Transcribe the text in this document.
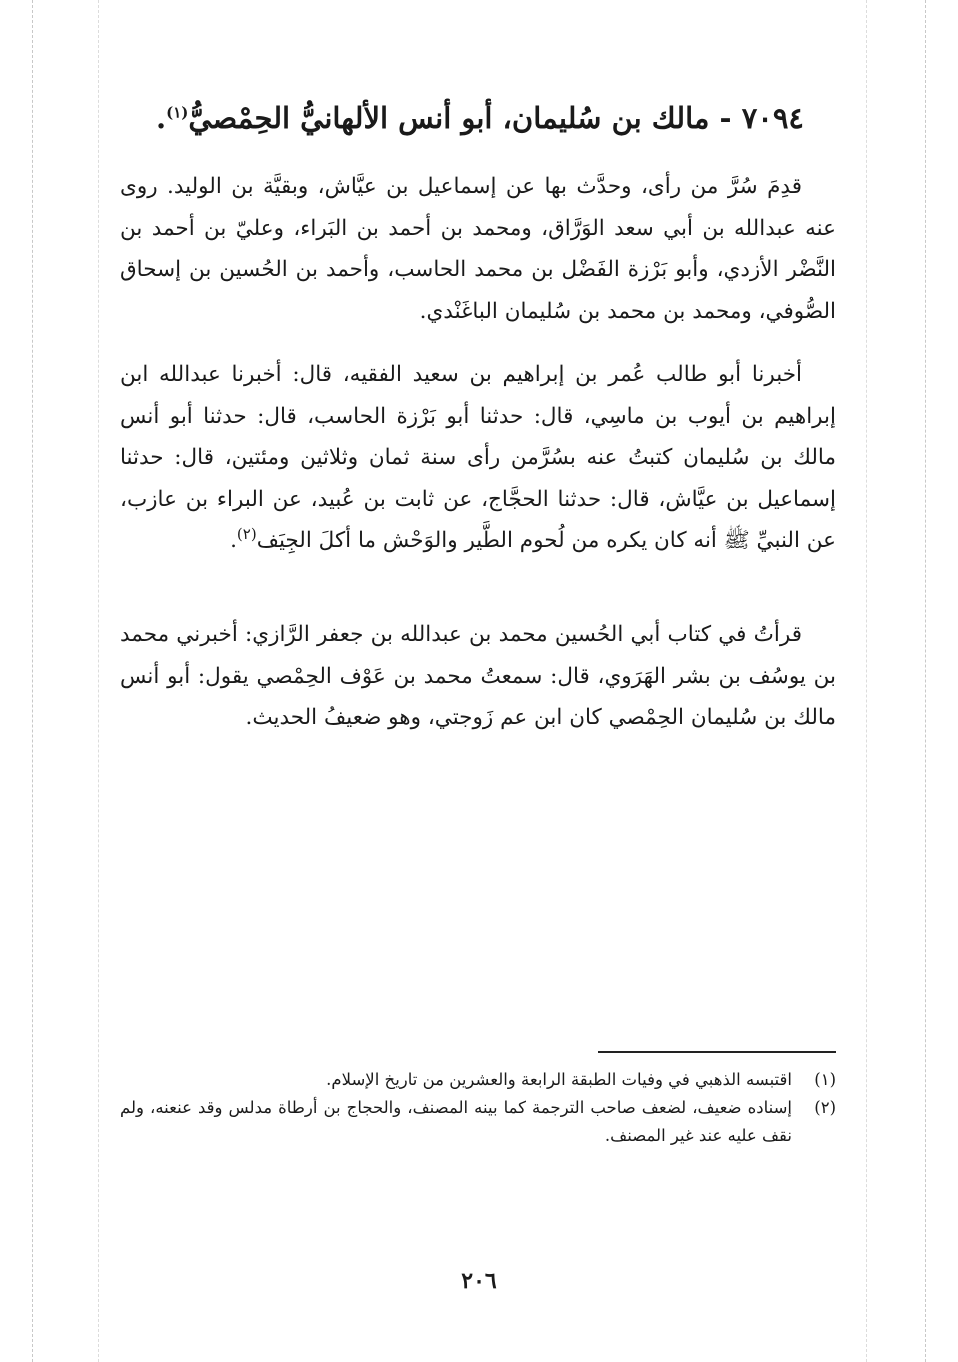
٧٠٩٤ - مالك بن سُليمان، أبو أنس الألهانيُّ الحِمْصيُّ$^{(١)}$.

قدِمَ سُرَّ من رأى، وحدَّث بها عن إسماعيل بن عيَّاش، وبقيَّة بن الوليد. روى عنه عبدالله بن أبي سعد الوَرَّاق، ومحمد بن أحمد بن البَراء، وعليّ بن أحمد بن النَّضْر الأزدي، وأبو بَرْزة الفَضْل بن محمد الحاسب، وأحمد بن الحُسين بن إسحاق الصُّوفي، ومحمد بن محمد بن سُليمان الباغَنْدي.

أخبرنا أبو طالب عُمر بن إبراهيم بن سعيد الفقيه، قال: أخبرنا عبدالله ابن إبراهيم بن أيوب بن ماسِي، قال: حدثنا أبو بَرْزة الحاسب، قال: حدثنا أبو أنس مالك بن سُليمان كتبتُ عنه بسُرَّمن رأى سنة ثمان وثلاثين ومئتين، قال: حدثنا إسماعيل بن عيَّاش، قال: حدثنا الحجَّاج، عن ثابت بن عُبيد، عن البراء بن عازب، عن النبيِّ ﷺ أنه كان يكره من لُحوم الطَّير والوَحْش ما أكلَ الجِيَف$^{(٢)}$.

قرأتُ في كتاب أبي الحُسين محمد بن عبدالله بن جعفر الرَّازي: أخبرني محمد بن يوسُف بن بشر الهَرَوي، قال: سمعتُ محمد بن عَوْف الحِمْصي يقول: أبو أنس مالك بن سُليمان الحِمْصي كان ابن عم زَوجتي، وهو ضعيفُ الحديث.

(١)
اقتبسه الذهبي في وفيات الطبقة الرابعة والعشرين من تاريخ الإسلام.

(٢)
إسناده ضعيف، لضعف صاحب الترجمة كما بينه المصنف، والحجاج بن أرطاة مدلس وقد عنعنه، ولم نقف عليه عند غير المصنف.

٢٠٦
